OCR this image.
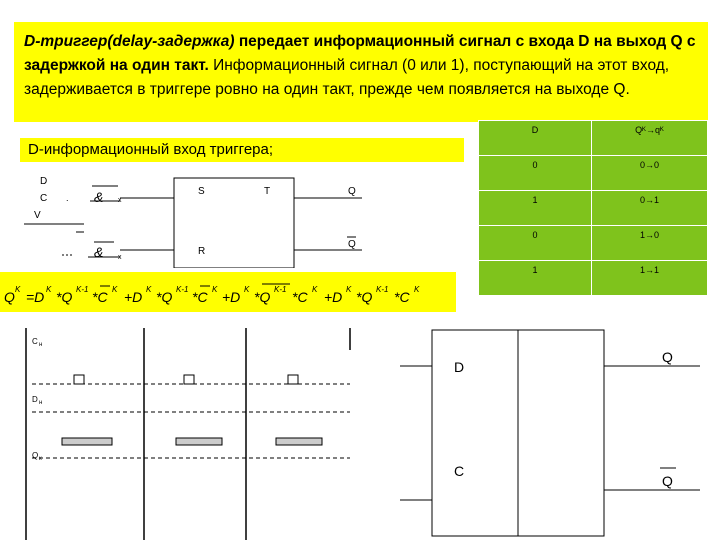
D-триггер(delay-задержка) передает информационный сигнал с входа D на выход Q с задержкой на один такт. Информационный сигнал (0 или 1), поступающий на этот вход, задерживается в триггере ровно на один такт, прежде чем появляется на выходе Q.
D-информационный вход триггера;
D	Qᴷ→qᴷ
0	0→0
1	0→1
0	1→0
1	1→1
D
C
V
& x
.
& x
S	T
R
Q
Q
Q K =D K *Q K-1 *C K +D K *Q K-1 *C K +D K *Q K-1 *C K +D K *Q K-1 *C K
C н
D н
Q к
D
C
Q
Q
